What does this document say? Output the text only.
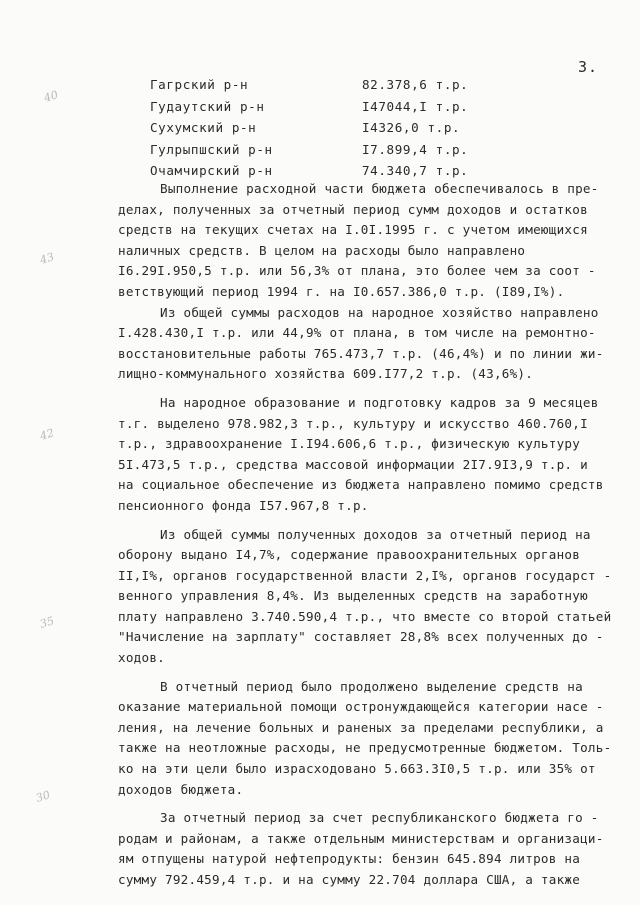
3.
40
43
42
35
30
Гагрский р-н	82.378,6 т.р.
Гудаутский р-н	I47044,I т.р.
Сухумский р-н	I4326,0 т.р.
Гулрыпшский р-н	I7.899,4 т.р.
Очамчирский р-н	74.340,7 т.р.
Выполнение расходной части бюджета обеспечивалось в пре-
делах, полученных за отчетный период сумм доходов и остатков
средств на текущих счетах на I.0I.1995 г. с учетом имеющихся
наличных средств. В целом на расходы было направлено
I6.29I.950,5 т.р. или 56,3% от плана, это более чем за соот -
ветствующий период 1994 г. на I0.657.386,0 т.р. (I89,I%).
Из общей суммы расходов на народное хозяйство направлено
I.428.430,I т.р. или 44,9% от плана, в том числе на ремонтно-
восстановительные работы 765.473,7 т.р. (46,4%) и по линии жи-
лищно-коммунального хозяйства 609.I77,2 т.р. (43,6%).
На народное образование и подготовку кадров за 9 месяцев
т.г. выделено 978.982,3 т.р., культуру и искусство 460.760,I
т.р., здравоохранение I.I94.606,6 т.р., физическую культуру
5I.473,5 т.р., средства массовой информации 2I7.9I3,9 т.р. и
на социальное обеспечение из бюджета направлено помимо средств
пенсионного фонда I57.967,8 т.р.
Из общей суммы полученных доходов за отчетный период на
оборону выдано I4,7%, содержание правоохранительных органов
II,I%, органов государственной власти 2,I%, органов государст -
венного управления 8,4%. Из выделенных средств на заработную
плату направлено 3.740.590,4 т.р., что вместе со второй статьей
"Начисление на зарплату" составляет 28,8% всех полученных до -
ходов.
В отчетный период было продолжено выделение средств на
оказание материальной помощи остронуждающейся категории насе -
ления, на лечение больных и раненых за пределами республики, а
также на неотложные расходы, не предусмотренные бюджетом. Толь-
ко на эти цели было израсходовано 5.663.3I0,5 т.р. или 35% от
доходов бюджета.
За отчетный период за счет республиканского бюджета го -
родам и районам, а также отдельным министерствам и организаци-
ям отпущены натурой нефтепродукты: бензин 645.894 литров на
сумму 792.459,4 т.р. и на сумму 22.704 доллара США, а также
